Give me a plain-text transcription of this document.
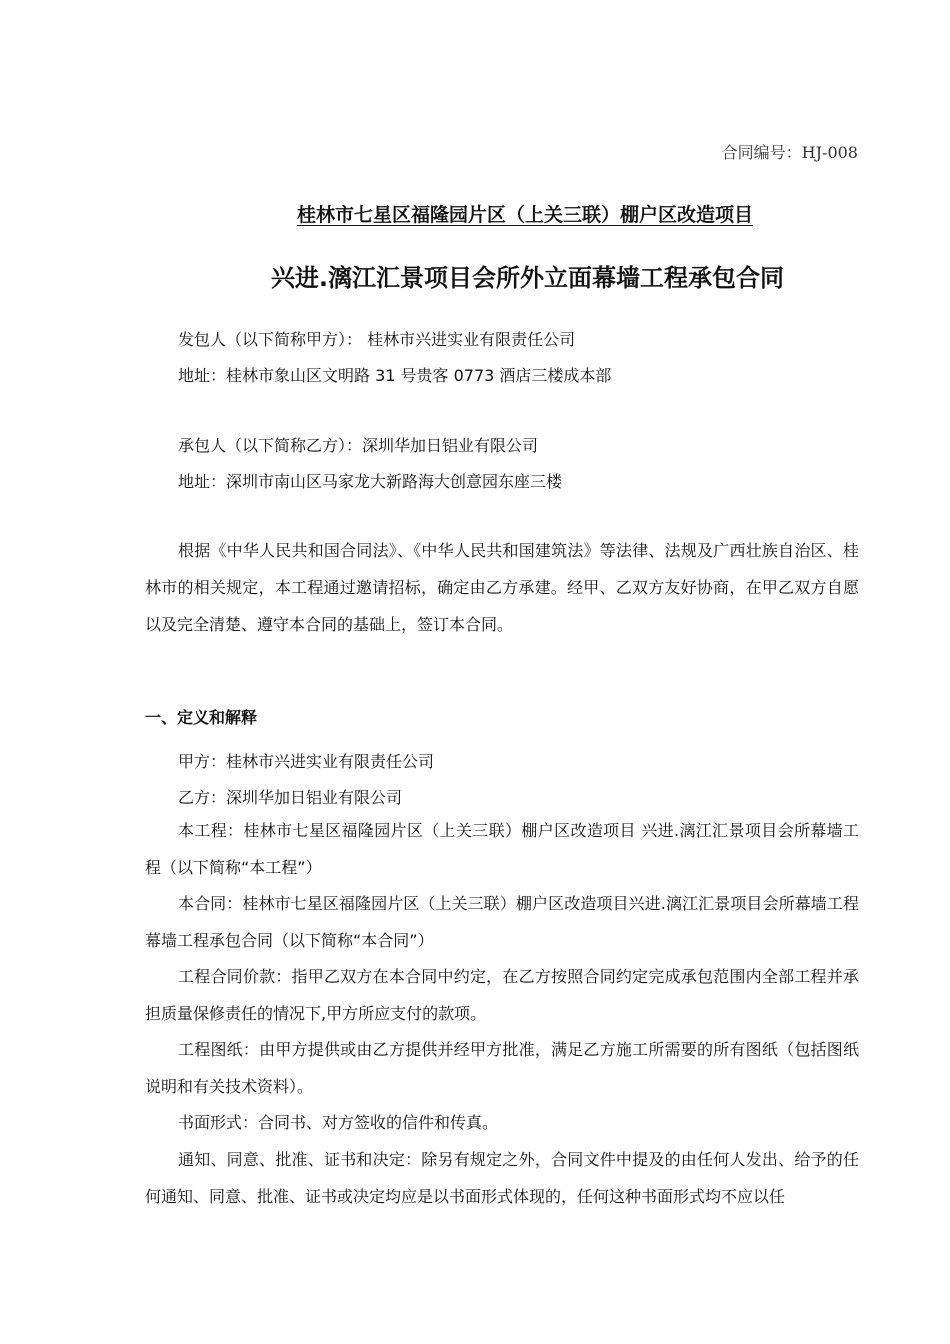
合同编号：HJ-008
桂林市七星区福隆园片区（上关三联）棚户区改造项目
兴进.漓江汇景项目会所外立面幕墙工程承包合同
发包人（以下简称甲方）： 桂林市兴进实业有限责任公司
地址：桂林市象山区文明路 31 号贵客 0773 酒店三楼成本部
承包人（以下简称乙方）：深圳华加日铝业有限公司
地址：深圳市南山区马家龙大新路海大创意园东座三楼
根据《中华人民共和国合同法》、《中华人民共和国建筑法》等法律、法规及广西壮族自治区、桂林市的相关规定，本工程通过邀请招标，确定由乙方承建。经甲、乙双方友好协商，在甲乙双方自愿以及完全清楚、遵守本合同的基础上，签订本合同。
一、定义和解释
甲方：桂林市兴进实业有限责任公司
乙方：深圳华加日铝业有限公司
本工程：桂林市七星区福隆园片区（上关三联）棚户区改造项目 兴进.漓江汇景项目会所幕墙工程（以下简称“本工程”）
本合同：桂林市七星区福隆园片区（上关三联）棚户区改造项目兴进.漓江汇景项目会所幕墙工程幕墙工程承包合同（以下简称“本合同”）
工程合同价款：指甲乙双方在本合同中约定，在乙方按照合同约定完成承包范围内全部工程并承担质量保修责任的情况下,甲方所应支付的款项。
工程图纸：由甲方提供或由乙方提供并经甲方批准，满足乙方施工所需要的所有图纸（包括图纸说明和有关技术资料）。
书面形式：合同书、对方签收的信件和传真。
通知、同意、批准、证书和决定：除另有规定之外，合同文件中提及的由任何人发出、给予的任何通知、同意、批准、证书或决定均应是以书面形式体现的，任何这种书面形式均不应以任
